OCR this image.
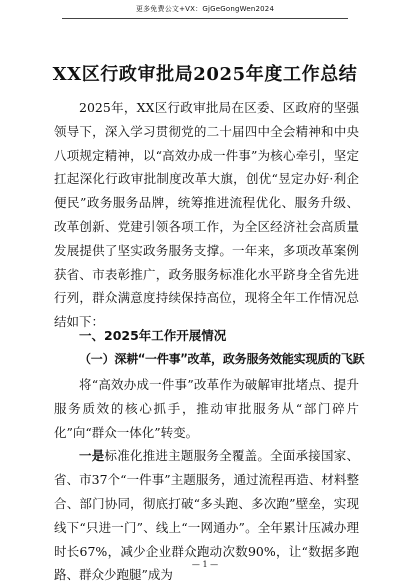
更多免费公文+VX：GjGeGongWen2024
XX区行政审批局2025年度工作总结

2025年，XX区行政审批局在区委、区政府的坚强领导下，深入学习贯彻党的二十届四中全会精神和中央八项规定精神，以“高效办成一件事”为核心牵引，坚定扛起深化行政审批制度改革大旗，创优“昱定办好·利企便民”政务服务品牌，统筹推进流程优化、服务升级、改革创新、党建引领各项工作，为全区经济社会高质量发展提供了坚实政务服务支撑。一年来，多项改革案例获省、市表彰推广，政务服务标准化水平跻身全省先进行列，群众满意度持续保持高位，现将全年工作情况总结如下：

一、2025年工作开展情况
（一）深耕“一件事”改革，政务服务效能实现质的飞跃

将“高效办成一件事”改革作为破解审批堵点、提升服务质效的核心抓手，推动审批服务从“部门碎片化”向“群众一体化”转变。

一是标准化推进主题服务全覆盖。全面承接国家、省、市37个“一件事”主题服务，通过流程再造、材料整合、部门协同，彻底打破“多头跑、多次跑”壁垒，实现线下“只进一门”、线上“一网通办”。全年累计压减办理时长67%，减少企业群众跑动次数90%，让“数据多跑路、群众少跑腿”成为

— 1 —
